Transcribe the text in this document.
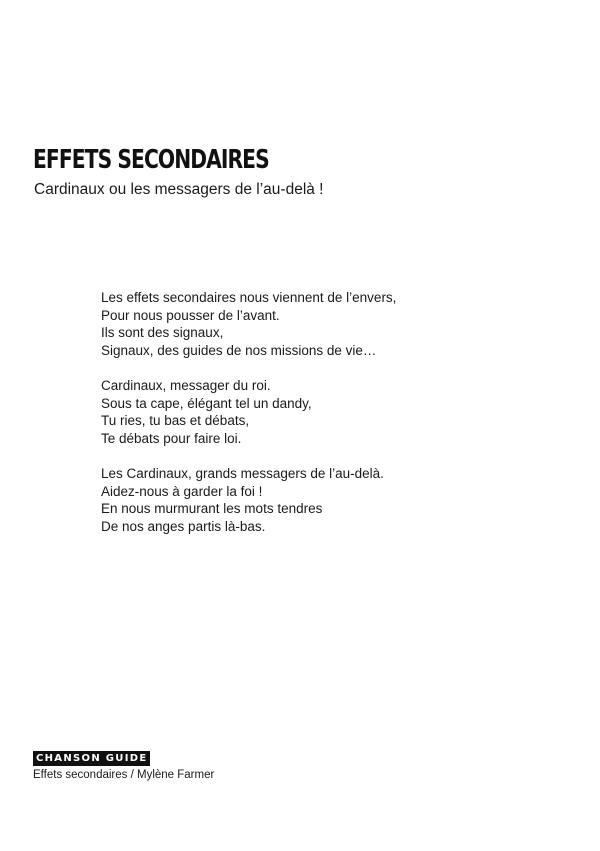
EFFETS SECONDAIRES

Cardinaux ou les messagers de l’au-delà !

Les effets secondaires nous viennent de l’envers,
Pour nous pousser de l’avant.
Ils sont des signaux,
Signaux, des guides de nos missions de vie…

Cardinaux, messager du roi.
Sous ta cape, élégant tel un dandy,
Tu ries, tu bas et débats,
Te débats pour faire loi.

Les Cardinaux, grands messagers de l’au-delà.
Aidez-nous à garder la foi !
En nous murmurant les mots tendres
De nos anges partis là-bas.

CHANSON GUIDE
Effets secondaires / Mylène Farmer
